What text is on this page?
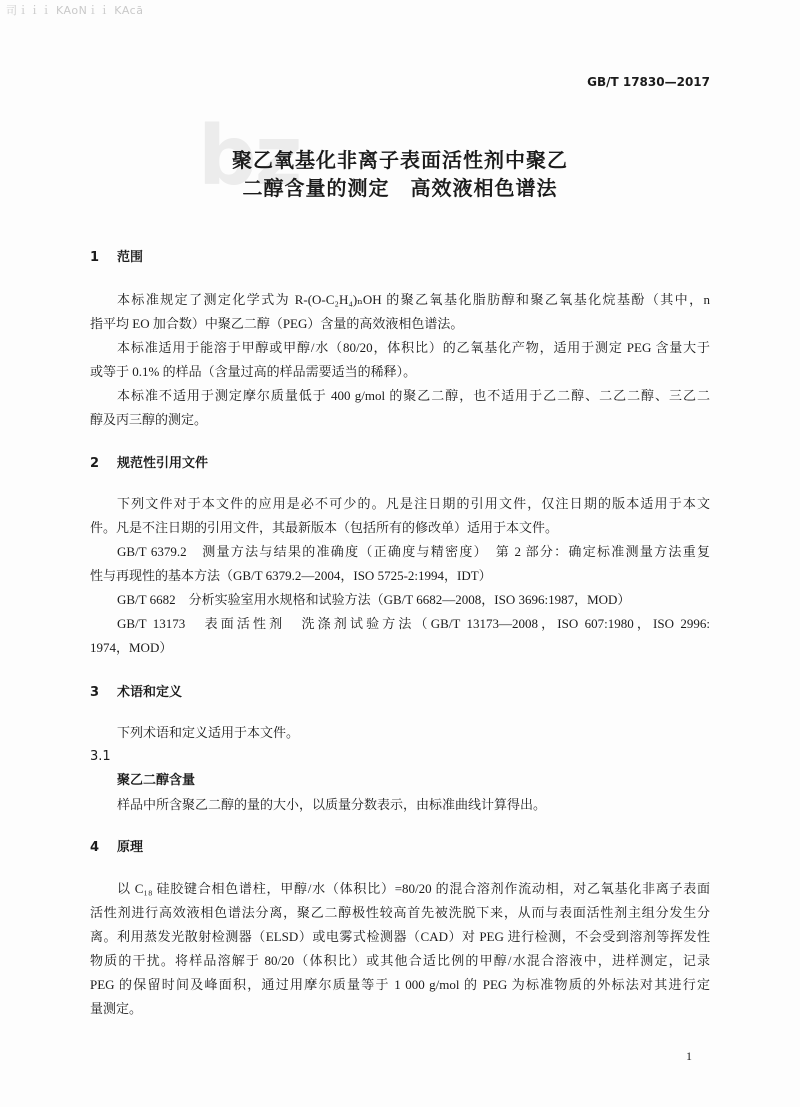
司ｉｉｉ KAoNｉｉ KAcā
bz
GB/T 17830—2017
聚乙氧基化非离子表面活性剂中聚乙
二醇含量的测定　高效液相色谱法
1 范围
本标准规定了测定化学式为 R-(O-C₂H₄)ₙOH 的聚乙氧基化脂肪醇和聚乙氧基化烷基酚（其中，n
指平均 EO 加合数）中聚乙二醇（PEG）含量的高效液相色谱法。
本标准适用于能溶于甲醇或甲醇/水（80/20，体积比）的乙氧基化产物，适用于测定 PEG 含量大于
或等于 0.1% 的样品（含量过高的样品需要适当的稀释）。
本标准不适用于测定摩尔质量低于 400 g/mol 的聚乙二醇，也不适用于乙二醇、二乙二醇、三乙二
醇及丙三醇的测定。
2 规范性引用文件
下列文件对于本文件的应用是必不可少的。凡是注日期的引用文件，仅注日期的版本适用于本文
件。凡是不注日期的引用文件，其最新版本（包括所有的修改单）适用于本文件。
GB/T 6379.2　测量方法与结果的准确度（正确度与精密度）　第 2 部分：确定标准测量方法重复
性与再现性的基本方法（GB/T 6379.2—2004，ISO 5725-2:1994，IDT）
GB/T 6682　分析实验室用水规格和试验方法（GB/T 6682—2008，ISO 3696:1987，MOD）
GB/T 13173　表面活性剂　洗涤剂试验方法（GB/T 13173—2008，ISO 607:1980，ISO 2996:
1974，MOD）
3 术语和定义
下列术语和定义适用于本文件。
3.1
聚乙二醇含量
样品中所含聚乙二醇的量的大小，以质量分数表示，由标准曲线计算得出。
4 原理
以 C₁₈ 硅胶键合相色谱柱，甲醇/水（体积比）=80/20 的混合溶剂作流动相，对乙氧基化非离子表面
活性剂进行高效液相色谱法分离，聚乙二醇极性较高首先被洗脱下来，从而与表面活性剂主组分发生分
离。利用蒸发光散射检测器（ELSD）或电雾式检测器（CAD）对 PEG 进行检测，不会受到溶剂等挥发性
物质的干扰。将样品溶解于 80/20（体积比）或其他合适比例的甲醇/水混合溶液中，进样测定，记录
PEG 的保留时间及峰面积，通过用摩尔质量等于 1 000 g/mol 的 PEG 为标准物质的外标法对其进行定
量测定。
1
